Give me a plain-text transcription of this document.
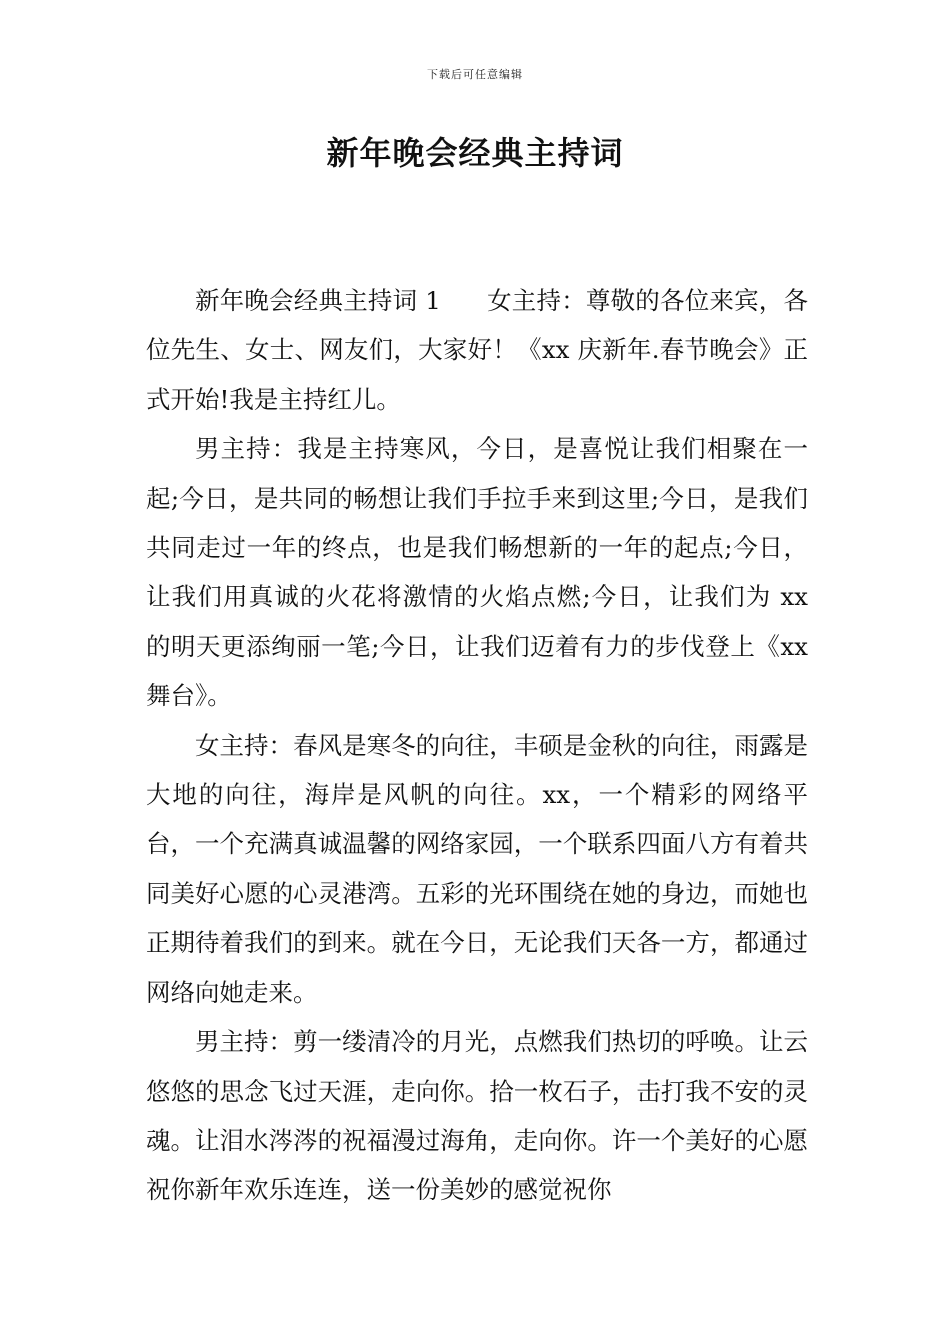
下载后可任意编辑
新年晚会经典主持词

新年晚会经典主持词 1 女主持：尊敬的各位来宾，各位先生、女士、网友们，大家好！《xx 庆新年.春节晚会》正式开始!我是主持红儿。

男主持：我是主持寒风，今日，是喜悦让我们相聚在一起;今日，是共同的畅想让我们手拉手来到这里;今日，是我们共同走过一年的终点，也是我们畅想新的一年的起点;今日，让我们用真诚的火花将激情的火焰点燃;今日，让我们为 xx 的明天更添绚丽一笔;今日，让我们迈着有力的步伐登上《xx 舞台》。

女主持：春风是寒冬的向往，丰硕是金秋的向往，雨露是大地的向往，海岸是风帆的向往。xx，一个精彩的网络平台，一个充满真诚温馨的网络家园，一个联系四面八方有着共同美好心愿的心灵港湾。五彩的光环围绕在她的身边，而她也正期待着我们的到来。就在今日，无论我们天各一方，都通过网络向她走来。

男主持：剪一缕清冷的月光，点燃我们热切的呼唤。让云悠悠的思念飞过天涯，走向你。拾一枚石子，击打我不安的灵魂。让泪水涔涔的祝福漫过海角，走向你。许一个美好的心愿祝你新年欢乐连连，送一份美妙的感觉祝你
